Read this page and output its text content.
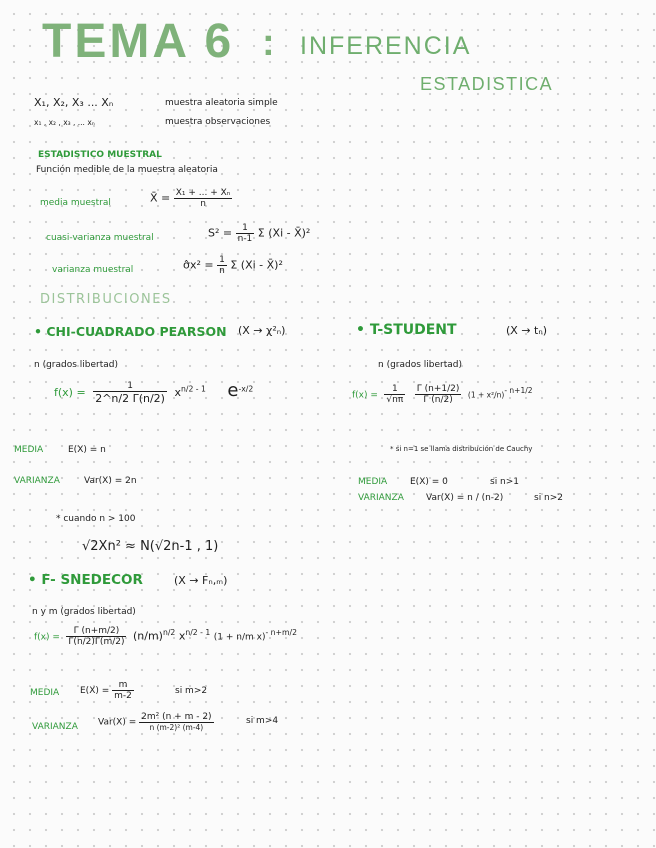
TEMA 6 : INFERENCIA
ESTADISTICA
X₁, X₂, X₃ ... Xₙ	muestra aleatoria simple
x₁ , x₂ , x₃ , ... xₙ	muestra observaciones
ESTADISTICO MUESTRAL
Función medible de la muestra aleatoria
media muestral	X̄ = $\frac{\text{X₁ + ... + Xₙ}}{n}$
cuasi-varianza muestral	$S^2 = \frac{1}{n-1}$ Σ (Xi - X̄)²
varianza muestral	σ̂x² = $\frac{1}{n}$ Σ (Xi - X̄)²
DISTRIBUCIONES
• CHI-CUADRADO PEARSON (X → χ²ₙ)
n (grados libertad)
$f(x) = \frac{1}{2\^{}n/2 \Gamma(n/2)} x^{n/2 - 1}$ $e^{-x/2}$
MEDIA	E(X) = n
VARIANZA	Var(X) = 2n
* cuando n > 100
√2Xn² ≈ N(√2n-1 , 1)
• T-STUDENT	(X → tₙ)
n (grados libertad)
$f(x) = \frac{1}{√n\pi}$
$\frac{\Gamma (n+1/2)}{\Gamma (n/2)} (1 + x^2/n)^{- n+1/2}$
* si n=1 se llama distribución de Cauchy
MEDIA	E(X) = 0	si n>1
VARIANZA Var(X) = n / (n-2)	si n>2
• F- SNEDECOR	(X → Fₙ,ₘ)
n y m (grados libertad)
$f(x) = \frac{\Gamma (n+m/2)}{\Gamma(n/2)\Gamma(m/2)} (n/m)^{n/2}$ $x^{n/2 - 1}$ (1 + n/m x)$^{- n+m/2}$
MEDIA $E(X) = \frac{m}{m-2}$	si m>2
VARIANZA $Var(X) = \frac{\text{2m² (n + m - 2)}}{\text{n (m-2)² (m-4)}}$	si m>4
